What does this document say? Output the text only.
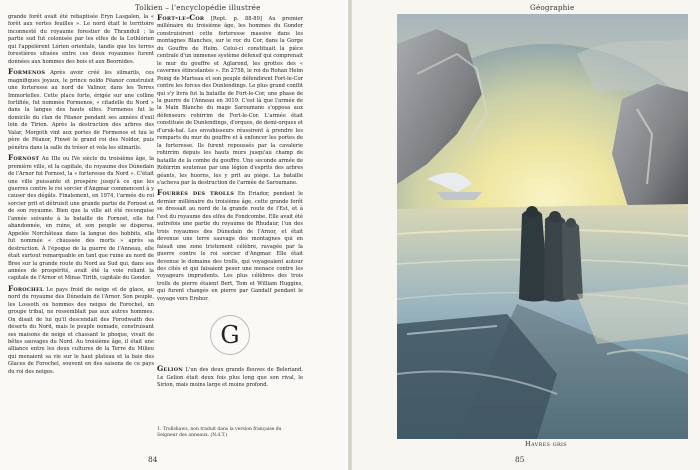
Tolkien – l'encyclopédie illustrée	Géographie

grande forêt avait été rebaptisée Eryn Lasgalen, la « forêt aux vertes feuilles ». Le nord était le territoire inconnesté du royaume forestier de Thranduil ; la partie sud fut colonisée par les elfes de la Lothlórien qui l'appelèrent Lórien orientale, tandis que les terres forestières situées entre ces deux royaumes furent données aux hommes des bois et aux Beornides.

Formenos Après avoir créé les silmarils, ces magnifiques joyaux, le prince noldo Fëanor construisit une forteresse au nord de Valinor, dans les Terres Immortelles. Cette place forte, érigée sur une colline fortifiée, fut nommée Formenos, « citadelle du Nord » dans la langue des hauts elfes. Formenos fut le domicile du clan de Fëanor pendant ses années d'exil loin de Tirion. Après la destruction des arbres des Valar, Morgoth vint aux portes de Formenos et tua le père de Fëanor, Finwë le grand roi des Noldor, puis pénétra dans la salle du trésor et vola les silmarils.

Fornost Au IIIe ou IVe siècle du troisième âge, la première ville, et la capitale, du royaume des Dúnedain de l'Arnor fut Fornost, la « forteresse du Nord ». C'était une ville puissante et prospère jusqu'à ce que les guerres contre le roi sorcier d'Angmar commencent à y causer des dégâts. Finalement, en 1974, l'armée du roi sorcier prit et détruisit une grande partie de Fornost et de son royaume. Bien que la ville ait été reconquise l'année suivante à la bataille de Fornost, elle fut abandonnée, en ruine, et son peuple se dispersa. Appelée Norchâteau dans la langue des hobbits, elle fut nommée « chaussée des morts » après sa destruction. À l'époque de la guerre de l'Anneau, elle était surtout remarquable en tant que ruine au nord de Bree sur la grande route du Nord au Sud qui, dans ses années de prospérité, avait été la voie reliant la capitale de l'Arnor et Minas Tirith, capitale du Gondor.

Forochel Le pays froid de neige et de glace, au nord du royaume des Dúnedain de l'Arnor. Son peuple, les Lossoth ou hommes des neiges de Forochel, un groupe tribal, ne ressemblait pas aux autres hommes. On disait de lui qu'il descendait des Forodwaith des déserts du Nord, mais le peuple nomade, construisant ses maisons de neige et chassant le phoque, vivait de bêtes sauvages du Nord. Au troisième âge, il était une alliance entre les deux cultures de la Terre du Milieu qui menaient sa vie sur le haut plateau et la baie des Glaces de Forochel, souvent en des saisons de ce pays du roi des neiges.

Fort-le-Cor [Rept. p. 88-89] Au premier millénaire du troisième âge, les hommes du Gondor construisirent cette forteresse massive dans les montagnes Blanches, sur le roc du Cor, dans la Gorge du Gouffre de Helm. Celui-ci constituait la pièce centrale d'un immense système défensif qui comprenait le mur du gouffre et Aglarond, les grottes des « cavernes étincelantes ». En 2758, le roi du Rohan Helm Poing de Marteau et son peuple défendirent Fort-le-Cor contre les forces des Dunlendings. Le plus grand conflit qui s'y livra fut la bataille de Fort-le-Cor, une phase de la guerre de l'Anneau en 3019. C'est là que l'armée de la Main Blanche du mage Saroumane s'opposa aux défenseurs rohirrim de Fort-le-Cor. L'armée était constituée de Dunlendings, d'orques, de demi-orques et d'uruk-haï. Les envahisseurs réussirent à prendre les remparts du mur du gouffre et à enfoncer les portes de la forteresse. Ils furent repoussés par la cavalerie rohirrim depuis les hauts murs jusqu'au champ de bataille de la combe du gouffre. Une seconde armée de Rohirrim soutenue par une légion d'esprits des arbres géants, les huorns, les y prit au piège. La bataille s'acheva par la destruction de l'armée de Saroumane.

Fourrés des trolls En Eriador, pendant le dernier millénaire du troisième âge, cette grande forêt se dressait au nord de la grande route de l'Est, et à l'est du royaume des elfes de Fondcombe. Elle avait été autrefois une partie du royaume de Rhudaur, l'un des trois royaumes des Dúnedain de l'Arnor, et était devenue une terre sauvage des montagnes qui en faisait une zone tristement célèbre, ravagée par la guerre contre le roi sorcier d'Angmar. Elle était devenue le domaine des trolls, qui voyageaient autour des cités et qui faisaient peser une menace contre les voyageurs imprudents. Les plus célèbres des trois trolls de pierre étaient Bert, Tom et William Huggins, qui furent changés en pierre par Gandalf pendant le voyage vers Erebor.

G

Gelion L'un des deux grands fleuves de Beleriand. Le Gelion était deux fois plus long que son rival, le Sirion, mais moins large et moins profond.

1. Trollshaws, non traduit dans la version française du Seigneur des anneaux. (N.d.T.)
84	85
Havres gris
